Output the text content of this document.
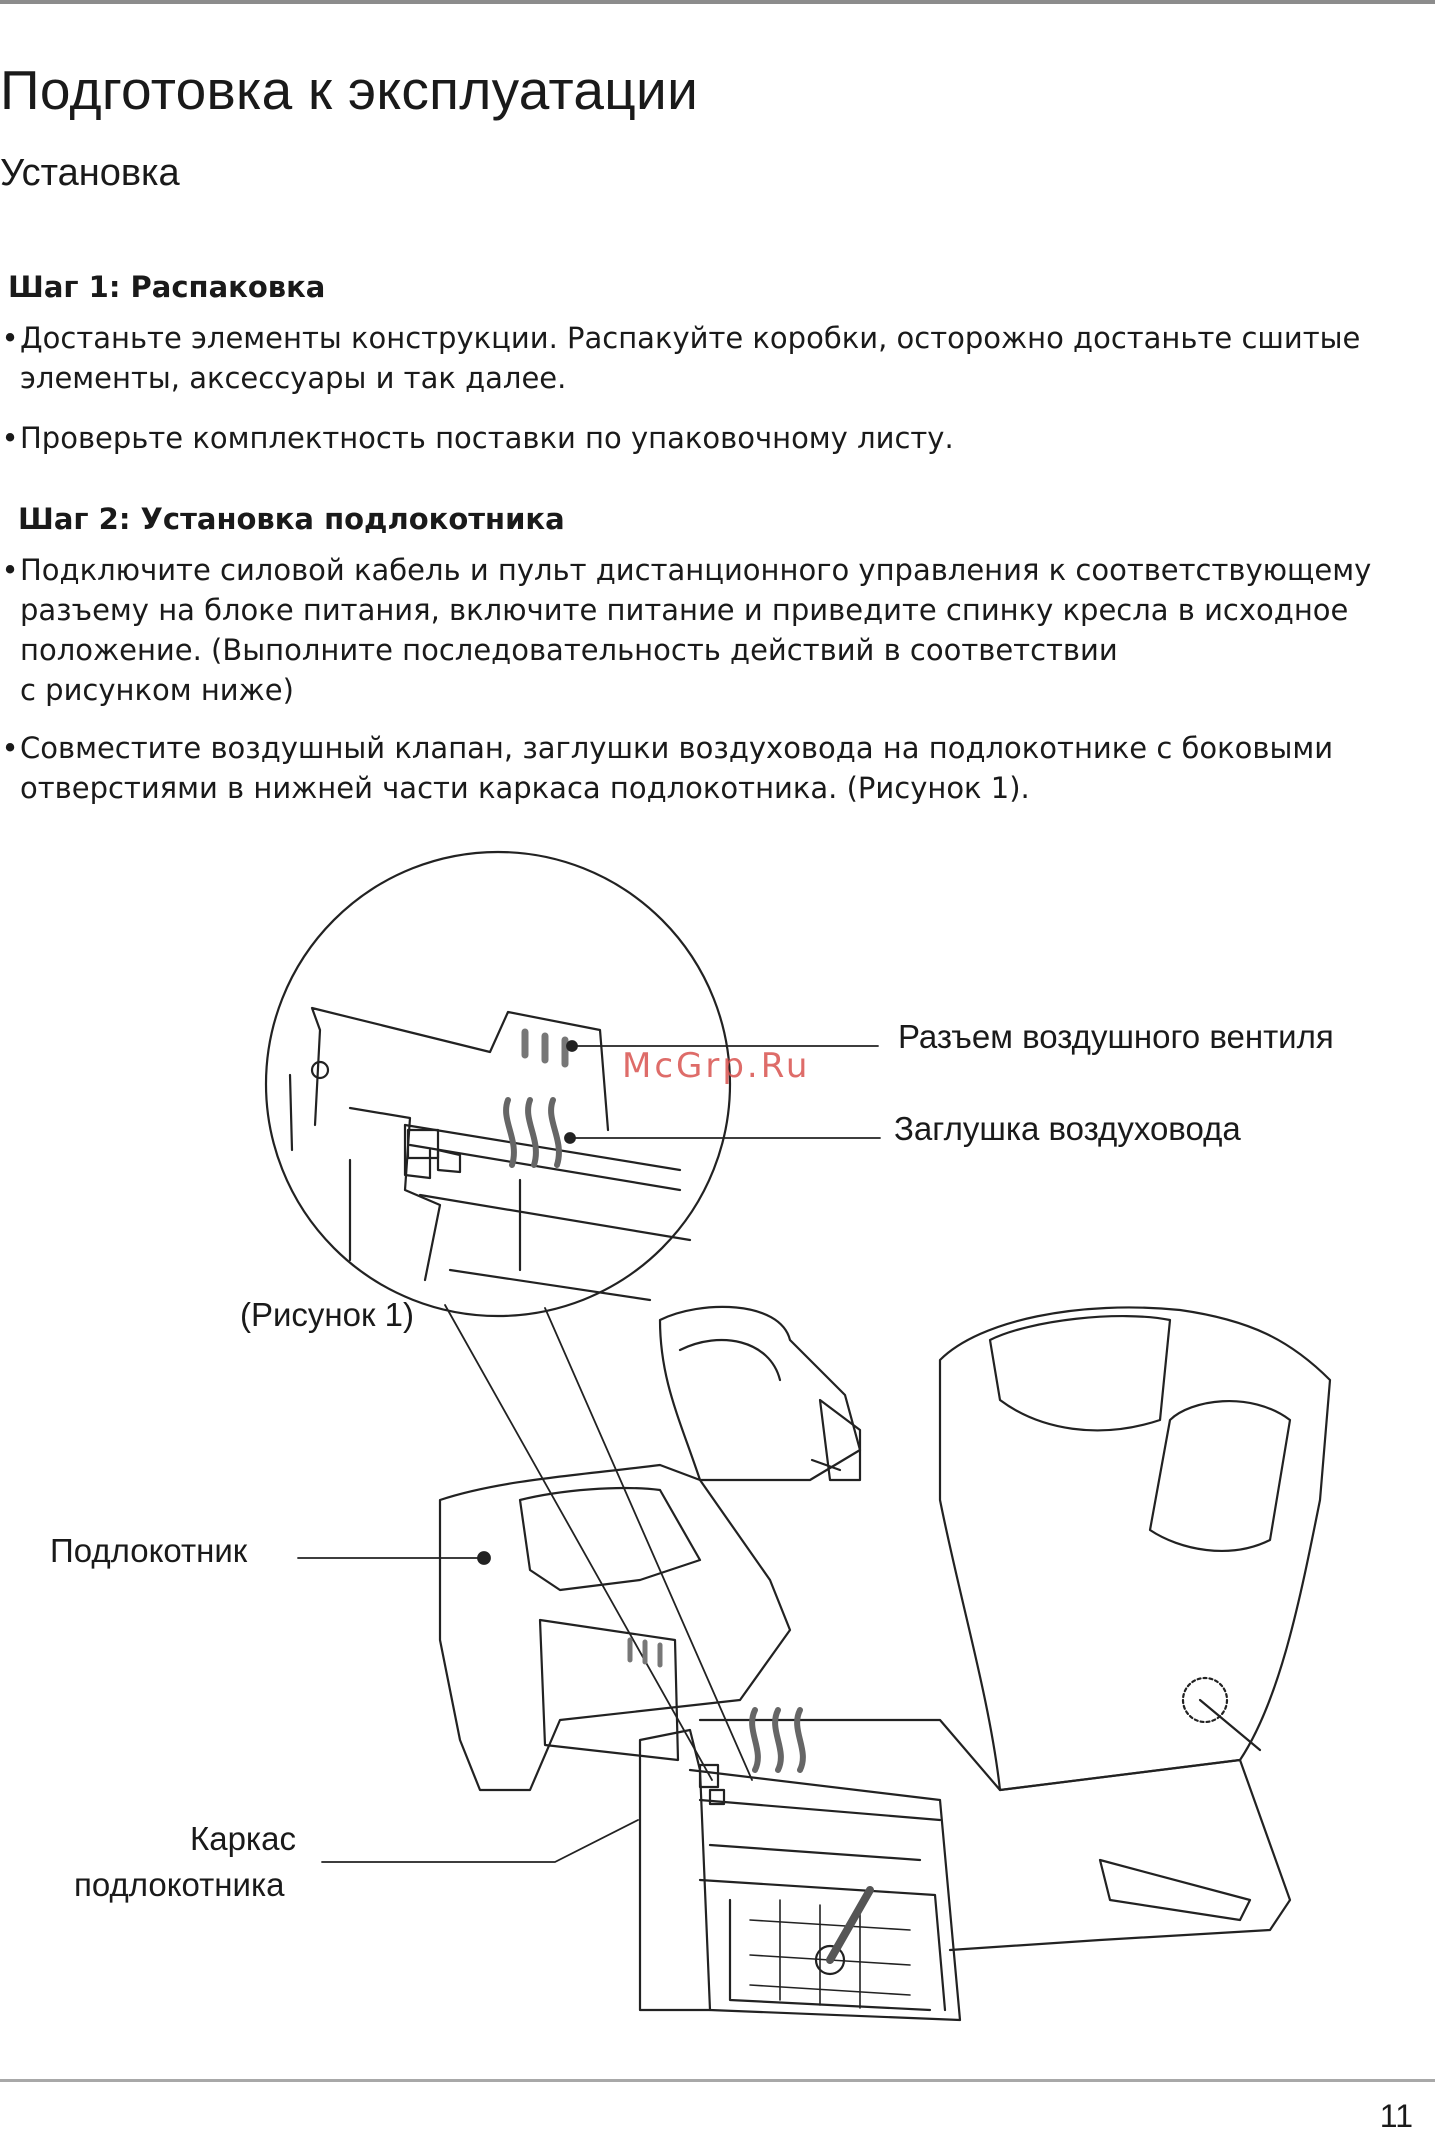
Подготовка к эксплуатации
Установка
Шаг 1: Распаковка

•Достаньте элементы конструкции. Распакуйте коробки, осторожно достаньте сшитые
элементы, аксессуары и так далее.

•Проверьте комплектность поставки по упаковочному листу.

Шаг 2: Установка подлокотника

•Подключите силовой кабель и пульт дистанционного управления к соответствующему
разъему на блоке питания, включите питание и приведите спинку кресла в исходное
положение. (Выполните последовательность действий в соответствии
с рисунком ниже)

•Совместите воздушный клапан, заглушки воздуховода на подлокотнике с боковыми
отверстиями в нижней части каркаса подлокотника. (Рисунок 1).

Разъем воздушного вентиля
Заглушка воздуховода
(Рисунок 1)
Подлокотник
Каркас
подлокотника
McGrp.Ru
11
